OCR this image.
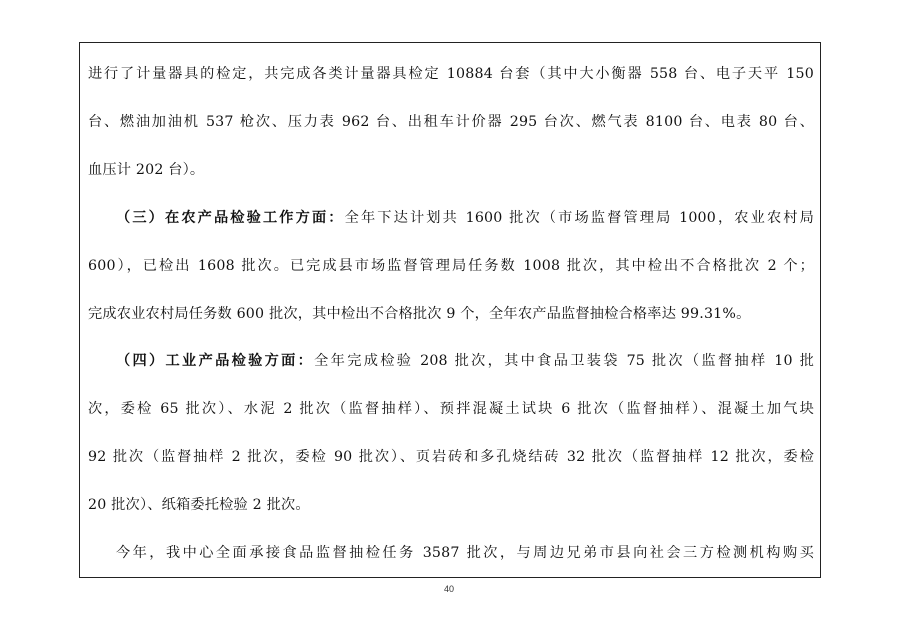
进行了计量器具的检定，共完成各类计量器具检定 10884 台套（其中大小衡器 558 台、电子天平 150
台、燃油加油机 537 枪次、压力表 962 台、出租车计价器 295 台次、燃气表 8100 台、电表 80 台、
血压计 202 台）。
（三）在农产品检验工作方面：全年下达计划共 1600 批次（市场监督管理局 1000，农业农村局
600），已检出 1608 批次。已完成县市场监督管理局任务数 1008 批次，其中检出不合格批次 2 个；
完成农业农村局任务数 600 批次，其中检出不合格批次 9 个，全年农产品监督抽检合格率达 99.31%。
（四）工业产品检验方面：全年完成检验 208 批次，其中食品卫装袋 75 批次（监督抽样 10 批
次，委检 65 批次）、水泥 2 批次（监督抽样）、预拌混凝土试块 6 批次（监督抽样）、混凝土加气块
92 批次（监督抽样 2 批次，委检 90 批次）、页岩砖和多孔烧结砖 32 批次（监督抽样 12 批次，委检
20 批次）、纸箱委托检验 2 批次。
今年，我中心全面承接食品监督抽检任务 3587 批次，与周边兄弟市县向社会三方检测机构购买
40
